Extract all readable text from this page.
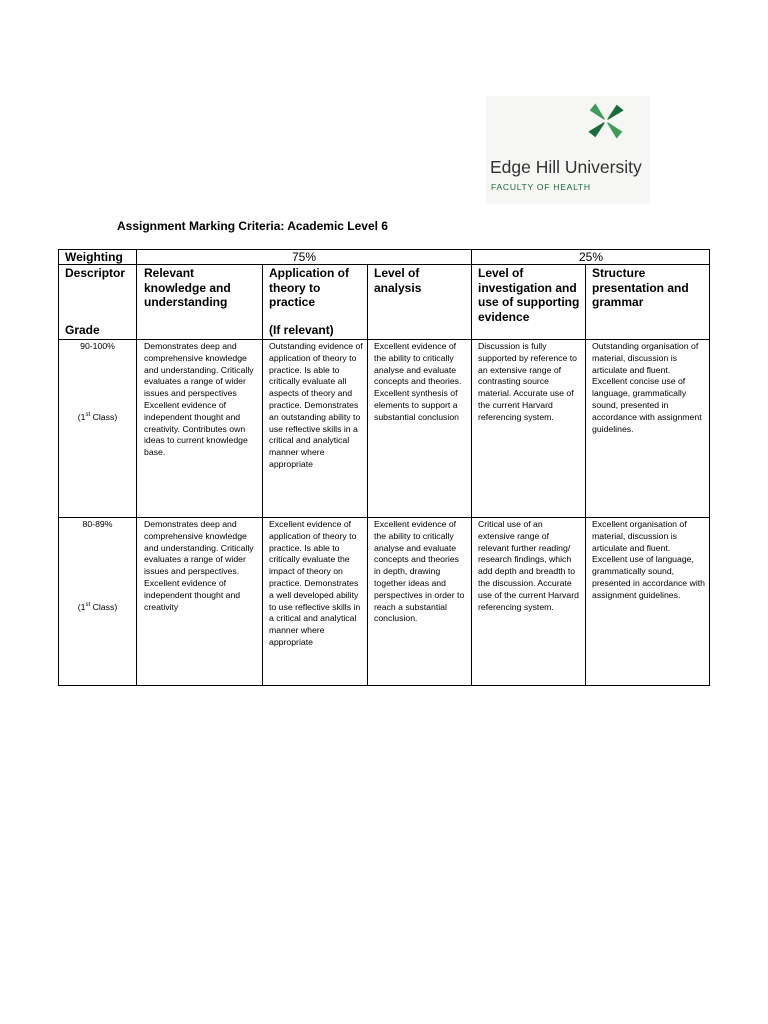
Edge Hill University
FACULTY OF HEALTH
Assignment Marking Criteria: Academic Level 6
Weighting	75%	25%
Descriptor
Grade
Relevant knowledge and understanding
Application of theory to practice
(If relevant)
Level of analysis
Level of investigation and use of supporting evidence
Structure presentation and grammar
90-100%
(1st Class)
Demonstrates deep and comprehensive knowledge and understanding. Critically evaluates a range of wider issues and perspectives Excellent evidence of independent thought and creativity. Contributes own ideas to current knowledge base.
Outstanding evidence of application of theory to practice. Is able to critically evaluate all aspects of theory and practice. Demonstrates an outstanding ability to use reflective skills in a critical and analytical manner where appropriate
Excellent evidence of the ability to critically analyse and evaluate concepts and theories. Excellent synthesis of elements to support a substantial conclusion
Discussion is fully supported by reference to an extensive range of contrasting source material. Accurate use of the current Harvard referencing system.
Outstanding organisation of material, discussion is articulate and fluent. Excellent concise use of language, grammatically sound, presented in accordance with assignment guidelines.
80-89%
(1st Class)
Demonstrates deep and comprehensive knowledge and understanding. Critically evaluates a range of wider issues and perspectives. Excellent evidence of independent thought and creativity
Excellent evidence of application of theory to practice. Is able to critically evaluate the impact of theory on practice. Demonstrates a well developed ability to use reflective skills in a critical and analytical manner where appropriate
Excellent evidence of the ability to critically analyse and evaluate concepts and theories in depth, drawing together ideas and perspectives in order to reach a substantial conclusion.
Critical use of an extensive range of relevant further reading/ research findings, which add depth and breadth to the discussion. Accurate use of the current Harvard referencing system.
Excellent organisation of material, discussion is articulate and fluent. Excellent use of language, grammatically sound, presented in accordance with assignment guidelines.
